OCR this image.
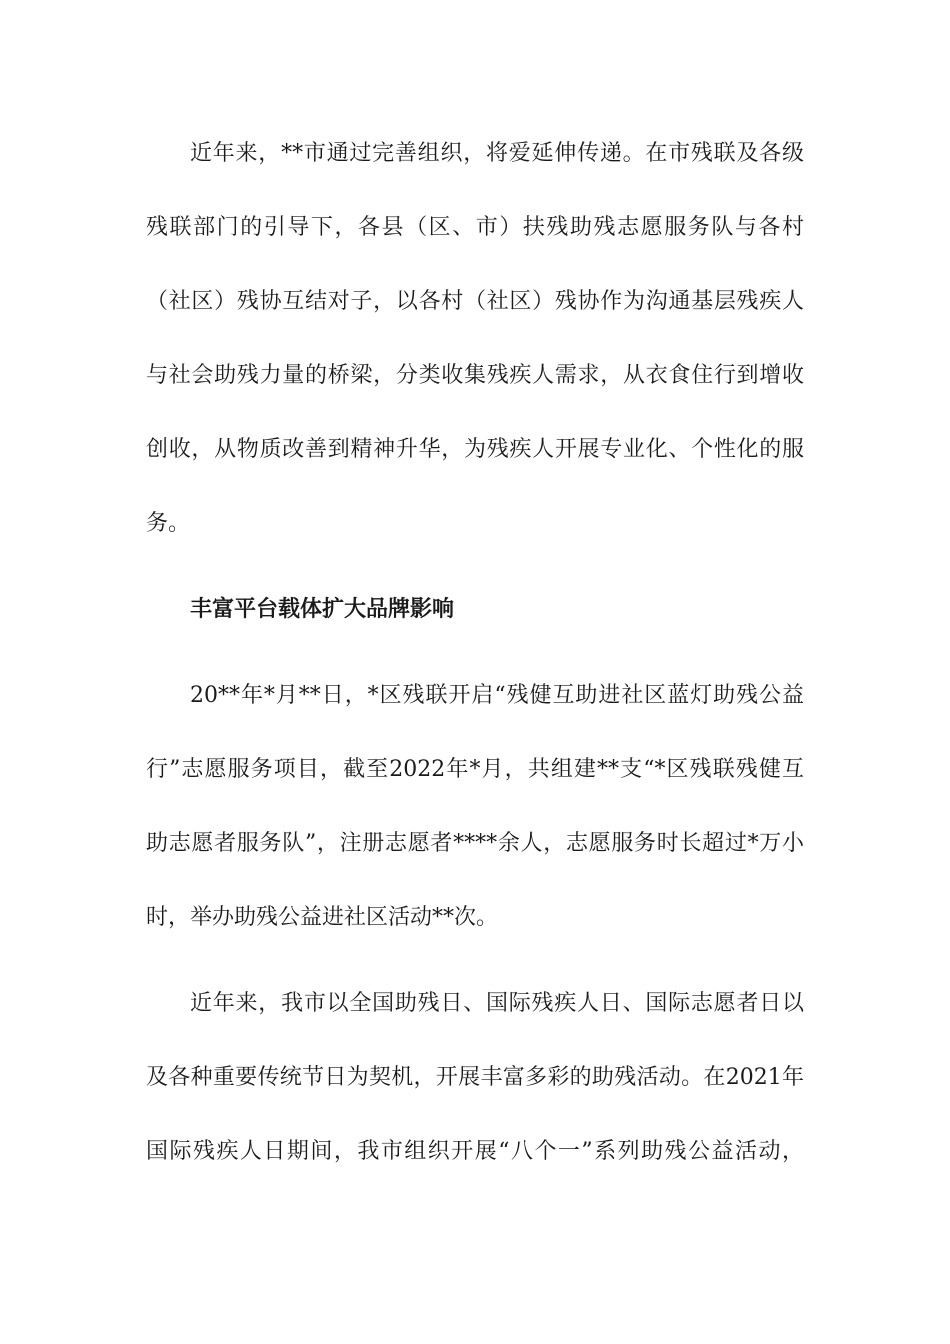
近年来，**市通过完善组织，将爱延伸传递。在市残联及各级
残联部门的引导下，各县（区、市）扶残助残志愿服务队与各村
（社区）残协互结对子，以各村（社区）残协作为沟通基层残疾人
与社会助残力量的桥梁，分类收集残疾人需求，从衣食住行到增收
创收，从物质改善到精神升华，为残疾人开展专业化、个性化的服
务。
丰富平台载体扩大品牌影响
20**年*月**日，*区残联开启“残健互助进社区蓝灯助残公益
行”志愿服务项目，截至2022年*月，共组建**支“*区残联残健互
助志愿者服务队”，注册志愿者****余人，志愿服务时长超过*万小
时，举办助残公益进社区活动**次。
近年来，我市以全国助残日、国际残疾人日、国际志愿者日以
及各种重要传统节日为契机，开展丰富多彩的助残活动。在2021年
国际残疾人日期间，我市组织开展“八个一”系列助残公益活动，
